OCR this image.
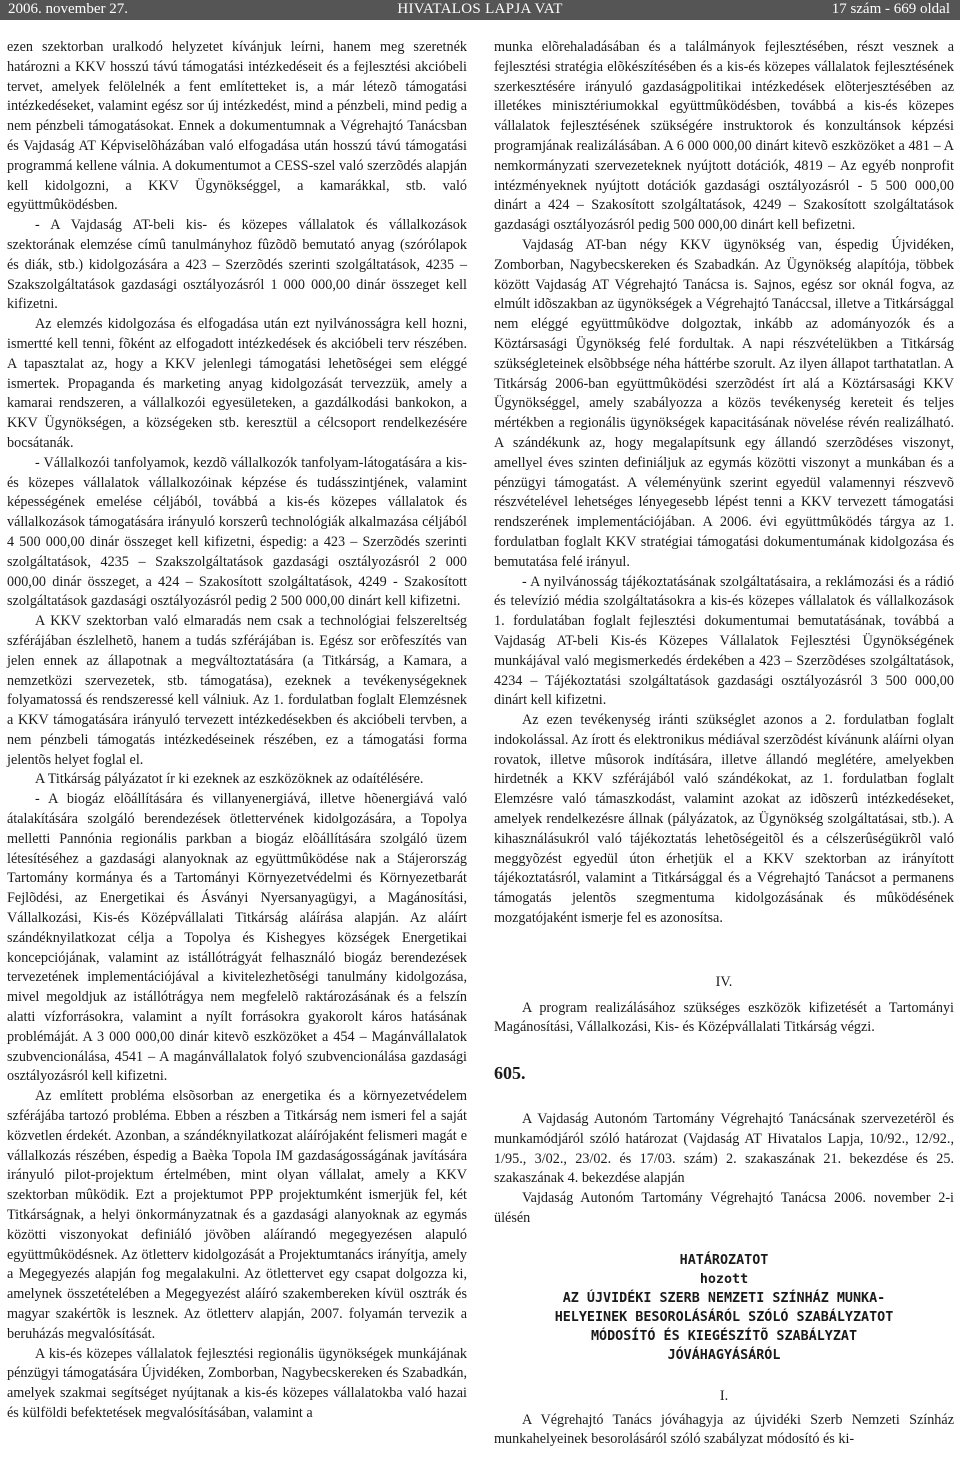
HIVATALOS LAPJA VAT
2006. november 27.	17 szám - 669 oldal

ezen szektorban uralkodó helyzetet kívánjuk leírni, hanem meg szeretnék határozni a KKV hosszú távú támogatási intézkedéseit és a fejlesztési akcióbeli tervet, amelyek felölelnék a fent említetteket is, a már létezõ támogatási intézkedéseket, valamint egész sor új intézkedést, mind a pénzbeli, mind pedig a nem pénzbeli támogatásokat. Ennek a dokumentumnak a Végrehajtó Tanácsban és Vajdaság AT Képviselõházában való elfogadása után hosszú távú támogatási programmá kellene válnia. A dokumentumot a CESS-szel való szerzõdés alapján kell kidolgozni, a KKV Ügynökséggel, a kamarákkal, stb. való együttmûködésben.

- A Vajdaság AT-beli kis- és közepes vállalatok és vállalkozások szektorának elemzése címû tanulmányhoz fûzõdõ bemutató anyag (szórólapok és diák, stb.) kidolgozására a 423 – Szerzõdés szerinti szolgáltatások, 4235 – Szakszolgáltatások gazdasági osztályozásról 1 000 000,00 dinár összeget kell kifizetni.

Az elemzés kidolgozása és elfogadása után ezt nyilvánosságra kell hozni, ismertté kell tenni, fõként az elfogadott intézkedések és akcióbeli terv részében. A tapasztalat az, hogy a KKV jelenlegi támogatási lehetõségei sem eléggé ismertek. Propaganda és marketing anyag kidolgozását tervezzük, amely a kamarai rendszeren, a vállalkozói egyesületeken, a gazdálkodási bankokon, a KKV Ügynökségen, a községeken stb. keresztül a célcsoport rendelkezésére bocsátanák.

- Vállalkozói tanfolyamok, kezdõ vállalkozók tanfolyam-látogatására a kis-és közepes vállalatok vállalkozóinak képzése és tudásszintjének, valamint képességének emelése céljából, továbbá a kis-és közepes vállalatok és vállalkozások támogatására irányuló korszerû technológiák alkalmazása céljából 4 500 000,00 dinár összeget kell kifizetni, éspedig: a 423 – Szerzõdés szerinti szolgáltatások, 4235 – Szakszolgáltatások gazdasági osztályozásról 2 000 000,00 dinár összeget, a 424 – Szakosított szolgáltatások, 4249 - Szakosított szolgáltatások gazdasági osztályozásról pedig 2 500 000,00 dinárt kell kifizetni.

A KKV szektorban való elmaradás nem csak a technológiai felszereltség szférájában észlelhetõ, hanem a tudás szférájában is. Egész sor erõfeszítés van jelen ennek az állapotnak a megváltoztatására (a Titkárság, a Kamara, a nemzetközi szervezetek, stb. támogatása), ezeknek a tevékenységeknek folyamatossá és rendszeressé kell válniuk. Az 1. fordulatban foglalt Elemzésnek a KKV támogatására irányuló tervezett intézkedésekben és akcióbeli tervben, a nem pénzbeli támogatás intézkedéseinek részében, ez a támogatási forma jelentõs helyet foglal el.

A Titkárság pályázatot ír ki ezeknek az eszközöknek az odaítélésére.

- A biogáz elõállítására és villanyenergiává, illetve hõenergiává való átalakítására szolgáló berendezések ötlettervének kidolgozására, a Topolya melletti Pannónia regionális parkban a biogáz elõállítására szolgáló üzem létesítéséhez a gazdasági alanyoknak az együttmûködése nak a Stájerország Tartomány kormánya és a Tartományi Környezetvédelmi és Környezetbarát Fejlõdési, az Energetikai és Ásványi Nyersanyagügyi, a Magánosítási, Vállalkozási, Kis-és Középvállalati Titkárság aláírása alapján. Az aláírt szándéknyilatkozat célja a Topolya és Kishegyes községek Energetikai koncepciójának, valamint az istállótrágyát felhasználó biogáz berendezések tervezetének implementációjával a kivitelezhetõségi tanulmány kidolgozása, mivel megoldjuk az istállótrágya nem megfelelõ raktározásának és a felszín alatti vízforrásokra, valamint a nyílt forrásokra gyakorolt káros hatásának problémáját. A 3 000 000,00 dinár kitevõ eszközöket a 454 – Magánvállalatok szubvencionálása, 4541 – A magánvállalatok folyó szubvencionálása gazdasági osztályozásról kell kifizetni.

Az említett probléma elsõsorban az energetika és a környezetvédelem szférájába tartozó probléma. Ebben a részben a Titkárság nem ismeri fel a saját közvetlen érdekét. Azonban, a szándéknyilatkozat aláírójaként felismeri magát e vállalkozás részében, éspedig a Baèka Topola IM gazdaságosságának javítására irányuló pilot-projektum értelmében, mint olyan vállalat, amely a KKV szektorban mûködik. Ezt a projektumot PPP projektumként ismerjük fel, két Titkárságnak, a helyi önkormányzatnak és a gazdasági alanyoknak az egymás közötti viszonyokat definiáló jövõben aláírandó megegyezésen alapuló együttmûködésnek. Az ötletterv kidolgozását a Projektumtanács irányítja, amely a Megegyezés alapján fog megalakulni. Az ötlettervet egy csapat dolgozza ki, amelynek összetételében a Megegyezést aláíró szakembereken kívül osztrák és magyar szakértõk is lesznek. Az ötletterv alapján, 2007. folyamán tervezik a beruházás megvalósítását.

A kis-és közepes vállalatok fejlesztési regionális ügynökségek munkájának pénzügyi támogatására Újvidéken, Zomborban, Nagybecskereken és Szabadkán, amelyek szakmai segítséget nyújtanak a kis-és közepes vállalatokba való hazai és külföldi befektetések megvalósításában, valamint a

munka elõrehaladásában és a találmányok fejlesztésében, részt vesznek a fejlesztési stratégia elõkészítésében és a kis-és közepes vállalatok fejlesztésének szerkesztésére irányuló gazdaságpolitikai intézkedések elõterjesztésében az illetékes minisztériumokkal együttmûködésben, továbbá a kis-és közepes vállalatok fejlesztésének szükségére instruktorok és konzultánsok képzési programjának realizálásában. A 6 000 000,00 dinárt kitevõ eszközöket a 481 – A nemkormányzati szervezeteknek nyújtott dotációk, 4819 – Az egyéb nonprofit intézményeknek nyújtott dotációk gazdasági osztályozásról - 5 500 000,00 dinárt a 424 – Szakosított szolgáltatások, 4249 – Szakosított szolgáltatások gazdasági osztályozásról pedig 500 000,00 dinárt kell befizetni.

Vajdaság AT-ban négy KKV ügynökség van, éspedig Újvidéken, Zomborban, Nagybecskereken és Szabadkán. Az Ügynökség alapítója, többek között Vajdaság AT Végrehajtó Tanácsa is. Sajnos, egész sor oknál fogva, az elmúlt idõszakban az ügynökségek a Végrehajtó Tanáccsal, illetve a Titkársággal nem eléggé együttmûködve dolgoztak, inkább az adományozók és a Köztársasági Ügynökség felé fordultak. A napi részvételükben a Titkárság szükségleteinek elsõbbsége néha háttérbe szorult. Az ilyen állapot tarthatatlan. A Titkárság 2006-ban együttmûködési szerzõdést írt alá a Köztársasági KKV Ügynökséggel, amely szabályozza a közös tevékenység kereteit és teljes mértékben a regionális ügynökségek kapacitásának növelése révén realizálható. A szándékunk az, hogy megalapítsunk egy állandó szerzõdéses viszonyt, amellyel éves szinten definiáljuk az egymás közötti viszonyt a munkában és a pénzügyi támogatást. A véleményünk szerint egyedül valamennyi részvevõ részvételével lehetséges lényegesebb lépést tenni a KKV tervezett támogatási rendszerének implementációjában. A 2006. évi együttmûködés tárgya az 1. fordulatban foglalt KKV stratégiai támogatási dokumentumának kidolgozása és bemutatása felé irányul.

- A nyilvánosság tájékoztatásának szolgáltatásaira, a reklámozási és a rádió és televízió média szolgáltatásokra a kis-és közepes vállalatok és vállalkozások 1. fordulatában foglalt fejlesztési dokumentumai bemutatásának, továbbá a Vajdaság AT-beli Kis-és Közepes Vállalatok Fejlesztési Ügynökségének munkájával való megismerkedés érdekében a 423 – Szerzõdéses szolgáltatások, 4234 – Tájékoztatási szolgáltatások gazdasági osztályozásról 3 500 000,00 dinárt kell kifizetni.

Az ezen tevékenység iránti szükséglet azonos a 2. fordulatban foglalt indokolással. Az írott és elektronikus médiával szerzõdést kívánunk aláírni olyan rovatok, illetve mûsorok indítására, illetve állandó meglétére, amelyekben hirdetnék a KKV szférájából való szándékokat, az 1. fordulatban foglalt Elemzésre való támaszkodást, valamint azokat az idõszerû intézkedéseket, amelyek rendelkezésre állnak (pályázatok, az Ügynökség szolgáltatásai, stb.). A kihasználásukról való tájékoztatás lehetõségeitõl és a célszerûségükrõl való meggyõzést egyedül úton érhetjük el a KKV szektorban az irányított tájékoztatásról, valamint a Titkársággal és a Végrehajtó Tanácsot a permanens támogatás jelentõs szegmentuma kidolgozásának és mûködésének mozgatójaként ismerje fel es azonosítsa.

IV.

A program realizálásához szükséges eszközök kifizetését a Tartományi Magánosítási, Vállalkozási, Kis- és Középvállalati Titkárság végzi.

605.

A Vajdaság Autonóm Tartomány Végrehajtó Tanácsának szervezetérõl és munkamódjáról szóló határozat (Vajdaság AT Hivatalos Lapja, 10/92., 12/92., 1/95., 3/02., 23/02. és 17/03. szám) 2. szakaszának 21. bekezdése és 25. szakaszának 4. bekezdése alapján

Vajdaság Autonóm Tartomány Végrehajtó Tanácsa 2006. november 2-i ülésén

HATÁROZATOT
hozott
AZ ÚJVIDÉKI SZERB NEMZETI SZÍNHÁZ MUNKA-
HELYEINEK BESOROLÁSÁRÓL SZÓLÓ SZABÁLYZATOT
MÓDOSÍTÓ ÉS KIEGÉSZÍTÕ SZABÁLYZAT
JÓVÁHAGYÁSÁRÓL
I.

A Végrehajtó Tanács jóváhagyja az újvidéki Szerb Nemzeti Színház munkahelyeinek besorolásáról szóló szabályzat módosító és ki-
